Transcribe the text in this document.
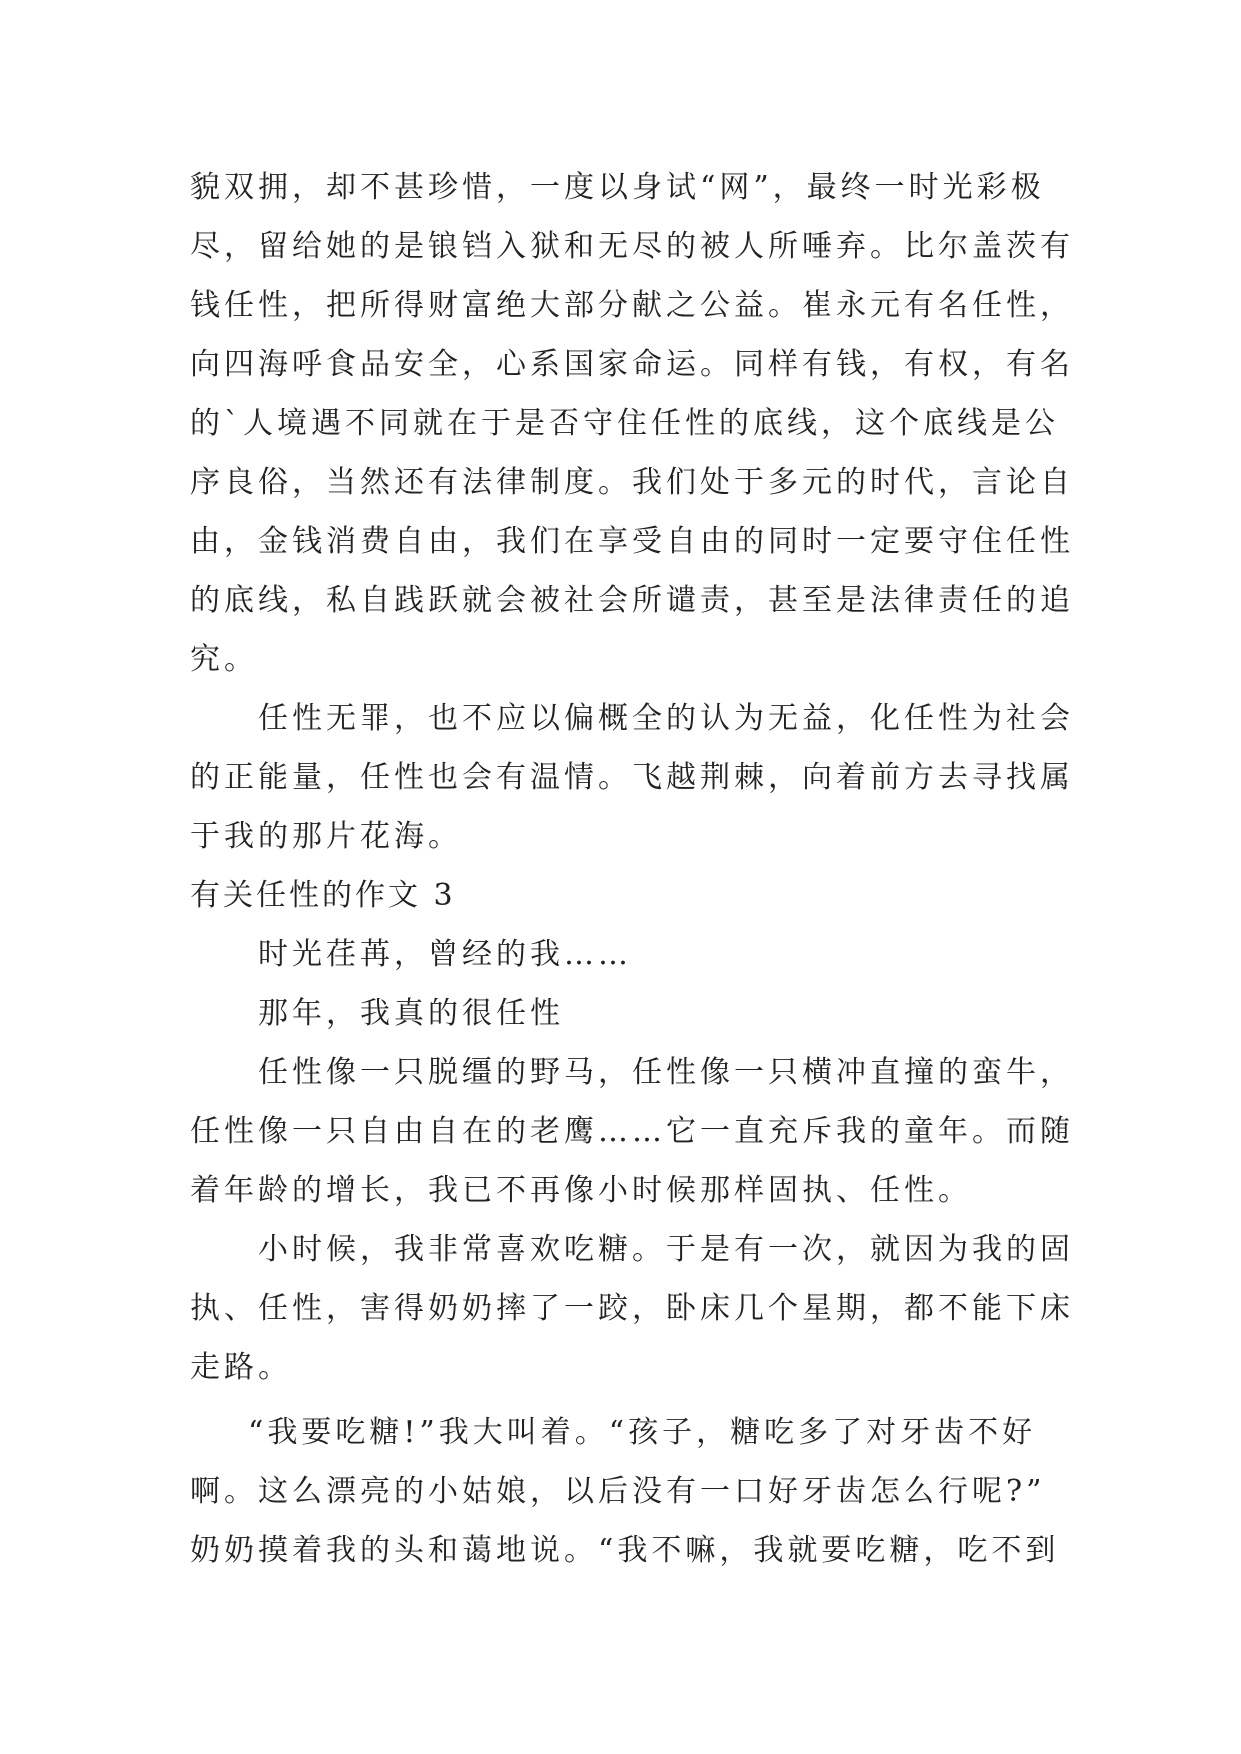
貌双拥，却不甚珍惜，一度以身试“网”，最终一时光彩极
尽，留给她的是锒铛入狱和无尽的被人所唾弃。比尔盖茨有
钱任性，把所得财富绝大部分献之公益。崔永元有名任性，
向四海呼食品安全，心系国家命运。同样有钱，有权，有名
的`人境遇不同就在于是否守住任性的底线，这个底线是公
序良俗，当然还有法律制度。我们处于多元的时代，言论自
由，金钱消费自由，我们在享受自由的同时一定要守住任性
的底线，私自践跃就会被社会所谴责，甚至是法律责任的追
究。
任性无罪，也不应以偏概全的认为无益，化任性为社会
的正能量，任性也会有温情。飞越荆棘，向着前方去寻找属
于我的那片花海。
有关任性的作文 3
时光荏苒，曾经的我……
那年，我真的很任性
任性像一只脱缰的野马，任性像一只横冲直撞的蛮牛，
任性像一只自由自在的老鹰……它一直充斥我的童年。而随
着年龄的增长，我已不再像小时候那样固执、任性。
小时候，我非常喜欢吃糖。于是有一次，就因为我的固
执、任性，害得奶奶摔了一跤，卧床几个星期，都不能下床
走路。
“我要吃糖!”我大叫着。“孩子，糖吃多了对牙齿不好
啊。这么漂亮的小姑娘，以后没有一口好牙齿怎么行呢?”
奶奶摸着我的头和蔼地说。“我不嘛，我就要吃糖，吃不到
